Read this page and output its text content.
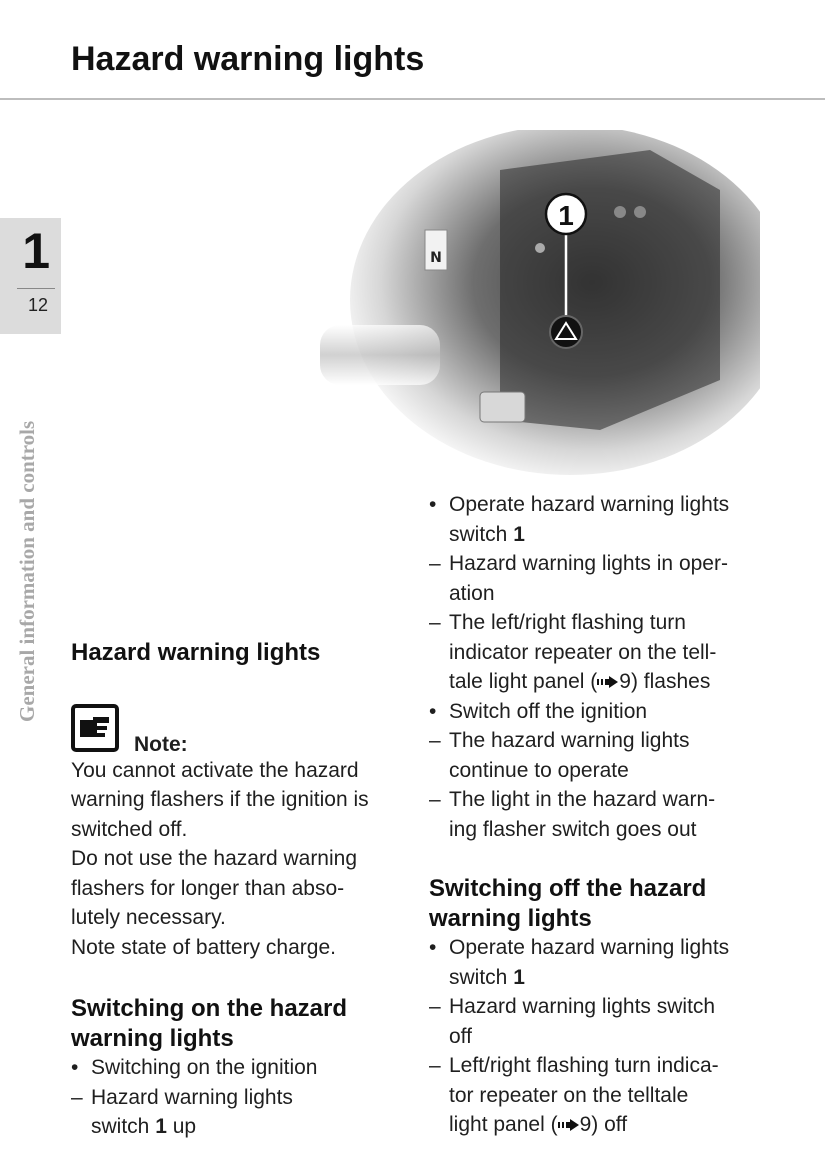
Hazard warning lights
1
12
General information and controls
N
1
Hazard warning lights
Note:

You cannot activate the hazard

warning flashers if the ignition is

switched off.

Do not use the hazard warning

flashers for longer than abso-

lutely necessary.

Note state of battery charge.

Switching on the hazard
warning lights
• Switching on the ignition
– Hazard warning lights
switch 1 up
• Operate hazard warning lights
switch 1
– Hazard warning lights in oper-
ation
– The left/right flashing turn
indicator repeater on the tell-
tale light panel ( 9) flashes
• Switch off the ignition
– The hazard warning lights
continue to operate
– The light in the hazard warn-
ing flasher switch goes out
Switching off the hazard
warning lights
• Operate hazard warning lights
switch 1
– Hazard warning lights switch
off
– Left/right flashing turn indica-
tor repeater on the telltale
light panel ( 9) off
